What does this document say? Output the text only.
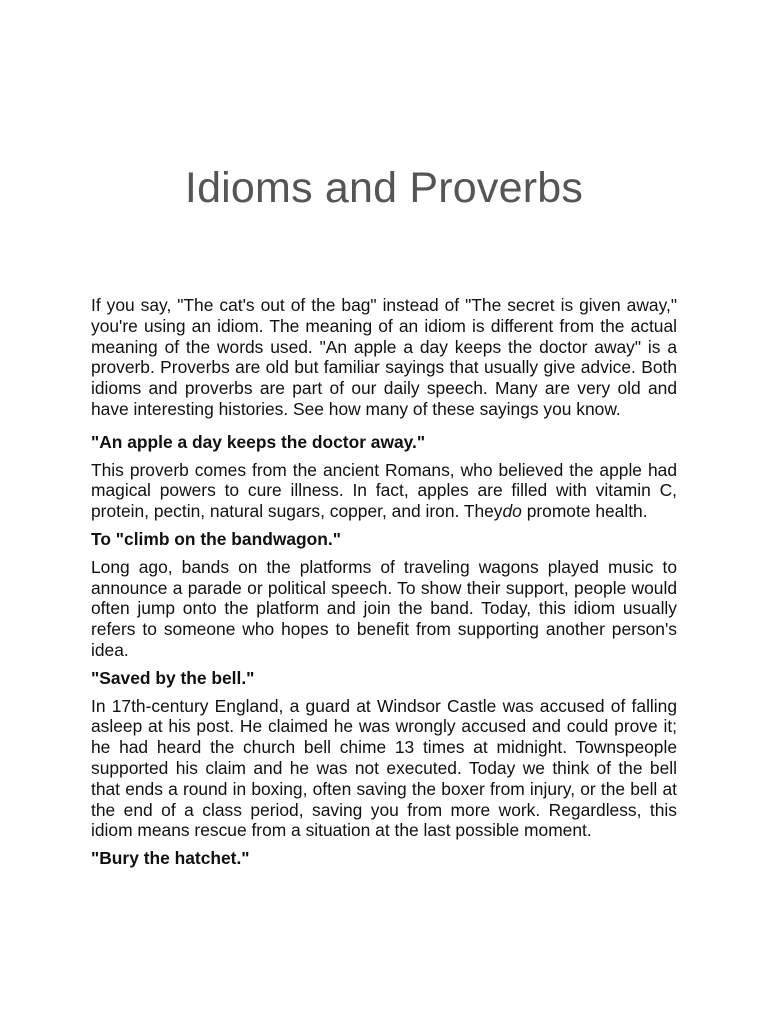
Idioms and Proverbs

If you say, "The cat's out of the bag" instead of "The secret is given away," you're using an idiom. The meaning of an idiom is different from the actual meaning of the words used. "An apple a day keeps the doctor away" is a proverb. Proverbs are old but familiar sayings that usually give advice. Both idioms and proverbs are part of our daily speech. Many are very old and have interesting histories. See how many of these sayings you know.

"An apple a day keeps the doctor away."

This proverb comes from the ancient Romans, who believed the apple had magical powers to cure illness. In fact, apples are filled with vitamin C, protein, pectin, natural sugars, copper, and iron. Theydo promote health.

To "climb on the bandwagon."

Long ago, bands on the platforms of traveling wagons played music to announce a parade or political speech. To show their support, people would often jump onto the platform and join the band. Today, this idiom usually refers to someone who hopes to benefit from supporting another person's idea.

"Saved by the bell."

In 17th-century England, a guard at Windsor Castle was accused of falling asleep at his post. He claimed he was wrongly accused and could prove it; he had heard the church bell chime 13 times at midnight. Townspeople supported his claim and he was not executed. Today we think of the bell that ends a round in boxing, often saving the boxer from injury, or the bell at the end of a class period, saving you from more work. Regardless, this idiom means rescue from a situation at the last possible moment.

"Bury the hatchet."
